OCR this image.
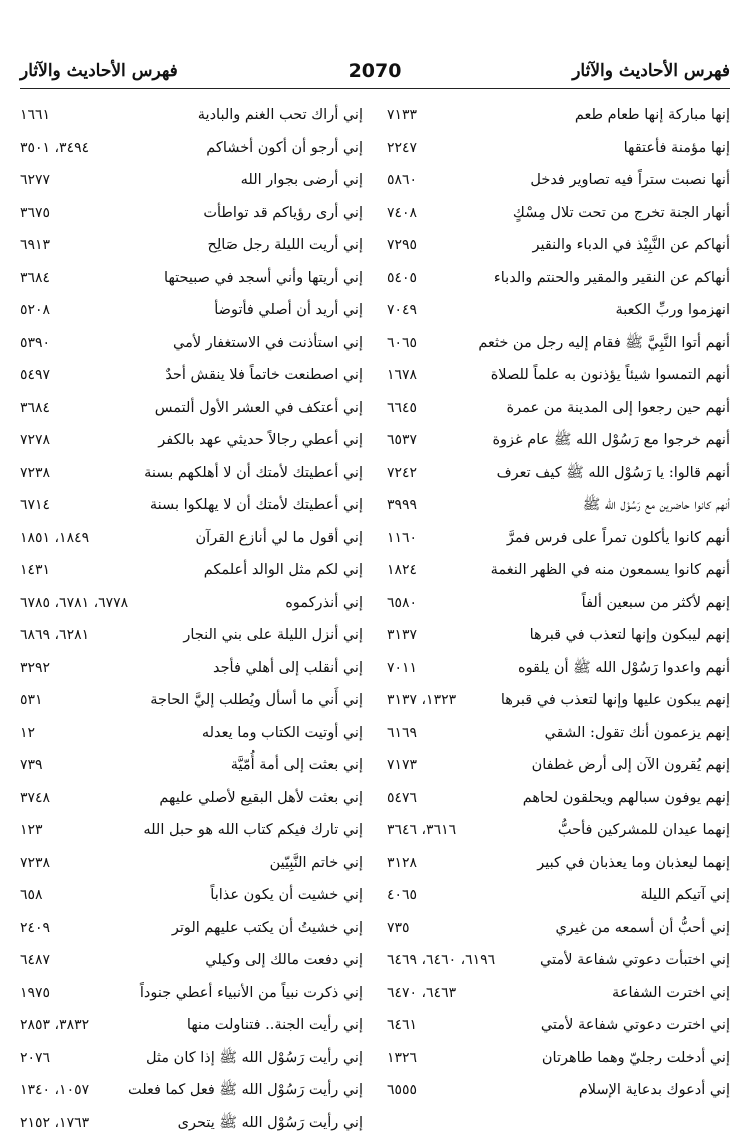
فهرس الأحاديث والآثار
2070
فهرس الأحاديث والآثار
إنها مباركة إنها طعام طعم
٧١٣٣
إنها مؤمنة فأعتقها
٢٢٤٧
أنها نصبت ستراً فيه تصاوير فدخل
٥٨٦٠
أنهار الجنة تخرج من تحت تلال مِسْكٍ
٧٤٠٨
أنهاكم عن النَّبِيْذ في الدباء والنقير
٧٢٩٥
أنهاكم عن النقير والمقير والحنتم والدباء
٥٤٠٥
انهزموا وربِّ الكعبة
٧٠٤٩
أنهم أتوا النَّبِيَّ ﷺ فقام إليه رجل من خثعم
٦٠٦٥
أنهم التمسوا شيئاً يؤذنون به علماً للصلاة
١٦٧٨
أنهم حين رجعوا إلى المدينة من عمرة
٦٦٤٥
أنهم خرجوا مع رَسُوْل الله ﷺ عام غزوة
٦٥٣٧
أنهم قالوا: يا رَسُوْل الله ﷺ كيف تعرف
٧٢٤٢
أنهم كانوا حاضرين مع رَسُوْل الله ﷺ
٣٩٩٩
أنهم كانوا يأكلون تمراً على فرس فمرَّ
١١٦٠
أنهم كانوا يسمعون منه في الظهر النغمة
١٨٢٤
إنهم لأكثر من سبعين ألفاً
٦٥٨٠
إنهم ليبكون وإنها لتعذب في قبرها
٣١٣٧
أنهم واعدوا رَسُوْل الله ﷺ أن يلقوه
٧٠١١
إنهم يبكون عليها وإنها لتعذب في قبرها
١٣٢٣، ٣١٣٧
إنهم يزعمون أنك تقول: الشقي
٦١٦٩
إنهم يُقرون الآن إلى أرض غطفان
٧١٧٣
إنهم يوفون سبالهم ويحلقون لحاهم
٥٤٧٦
إنهما عيدان للمشركين فأحبُّ
٣٦١٦، ٣٦٤٦
إنهما ليعذبان وما يعذبان في كبير
٣١٢٨
إني آتيكم الليلة
٤٠٦٥
إني أحبُّ أن أسمعه من غيري
٧٣٥
إني اختبأت دعوتي شفاعة لأمتي
٦١٩٦، ٦٤٦٠، ٦٤٦٩
إني اخترت الشفاعة
٦٤٦٣، ٦٤٧٠
إني اخترت دعوتي شفاعة لأمتي
٦٤٦١
إني أدخلت رجليّ وهما طاهرتان
١٣٢٦
إني أدعوك بدعاية الإسلام
٦٥٥٥
إني أراك تحب الغنم والبادية
١٦٦١
إني أرجو أن أكون أخشاكم
٣٤٩٤، ٣٥٠١
إني أرضى بجوار الله
٦٢٧٧
إني أرى رؤياكم قد تواطأت
٣٦٧٥
إني أريت الليلة رجل صَالِح
٦٩١٣
إني أريتها وأني أسجد في صبيحتها
٣٦٨٤
إني أريد أن أصلي فأتوضأ
٥٢٠٨
إني استأذنت في الاستغفار لأمي
٥٣٩٠
إني اصطنعت خاتماً فلا ينقش أحدٌ
٥٤٩٧
إني أعتكف في العشر الأول ألتمس
٣٦٨٤
إني أعطي رجالاً حديثي عهد بالكفر
٧٢٧٨
إني أعطيتك لأمتك أن لا أهلكهم بسنة
٧٢٣٨
إني أعطيتك لأمتك أن لا يهلكوا بسنة
٦٧١٤
إني أقول ما لي أنازع القرآن
١٨٤٩، ١٨٥١
إني لكم مثل الوالد أعلمكم
١٤٣١
إني أنذركموه
٦٧٧٨، ٦٧٨١، ٦٧٨٥
إني أنزل الليلة على بني النجار
٦٢٨١، ٦٨٦٩
إني أنقلب إلى أهلي فأجد
٣٢٩٢
إني أَني ما أسأل ويُطلب إليَّ الحاجة
٥٣١
إني أوتيت الكتاب وما يعدله
١٢
إني بعثت إلى أمة أُمّيَّة
٧٣٩
إني بعثت لأهل البقيع لأصلي عليهم
٣٧٤٨
إني تارك فيكم كتاب الله هو حبل الله
١٢٣
إني خاتم النَّبِيّين
٧٢٣٨
إني خشيت أن يكون عذاباً
٦٥٨
إني خشيتُ أن يكتب عليهم الوتر
٢٤٠٩
إني دفعت مالك إلى وكيلي
٦٤٨٧
إني ذكرت نبياً من الأنبياء أعطي جنوداً
١٩٧٥
إني رأيت الجنة.. فتناولت منها
٣٨٣٢، ٢٨٥٣
إني رأيت رَسُوْل الله ﷺ إذا كان مثل
٢٠٧٦
إني رأيت رَسُوْل الله ﷺ فعل كما فعلت
١٠٥٧، ١٣٤٠
إني رأيت رَسُوْل الله ﷺ يتحرى
١٧٦٣، ٢١٥٢
